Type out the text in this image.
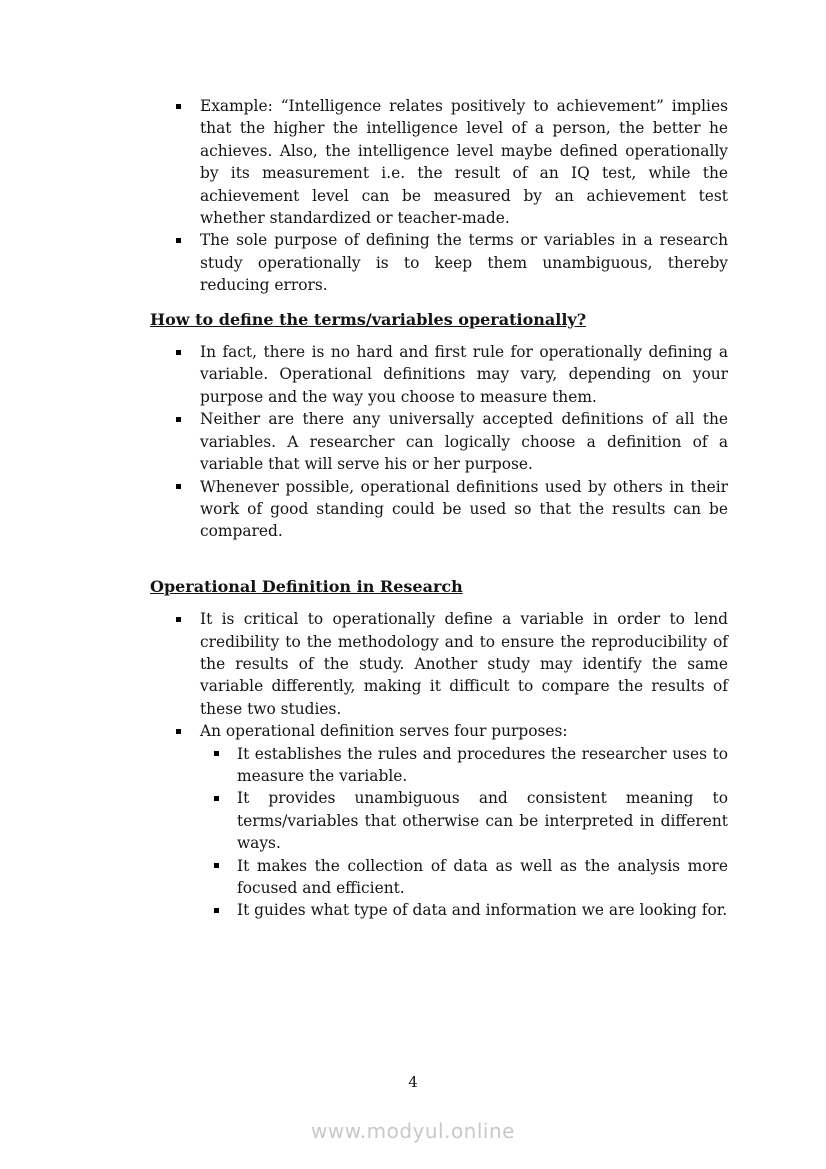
Example: “Intelligence relates positively to achievement” implies that the higher the intelligence level of a person, the better he achieves. Also, the intelligence level maybe defined operationally by its measurement i.e. the result of an IQ test, while the achievement level can be measured by an achievement test whether standardized or teacher-made.
The sole purpose of defining the terms or variables in a research study operationally is to keep them unambiguous, thereby reducing errors.
How to define the terms/variables operationally?
In fact, there is no hard and first rule for operationally defining a variable. Operational definitions may vary, depending on your purpose and the way you choose to measure them.
Neither are there any universally accepted definitions of all the variables. A researcher can logically choose a definition of a variable that will serve his or her purpose.
Whenever possible, operational definitions used by others in their work of good standing could be used so that the results can be compared.
Operational Definition in Research
It is critical to operationally define a variable in order to lend credibility to the methodology and to ensure the reproducibility of the results of the study. Another study may identify the same variable differently, making it difficult to compare the results of these two studies.
An operational definition serves four purposes:
It establishes the rules and procedures the researcher uses to measure the variable.
It provides unambiguous and consistent meaning to terms/variables that otherwise can be interpreted in different ways.
It makes the collection of data as well as the analysis more focused and efficient.
It guides what type of data and information we are looking for.
4
www.modyul.online
